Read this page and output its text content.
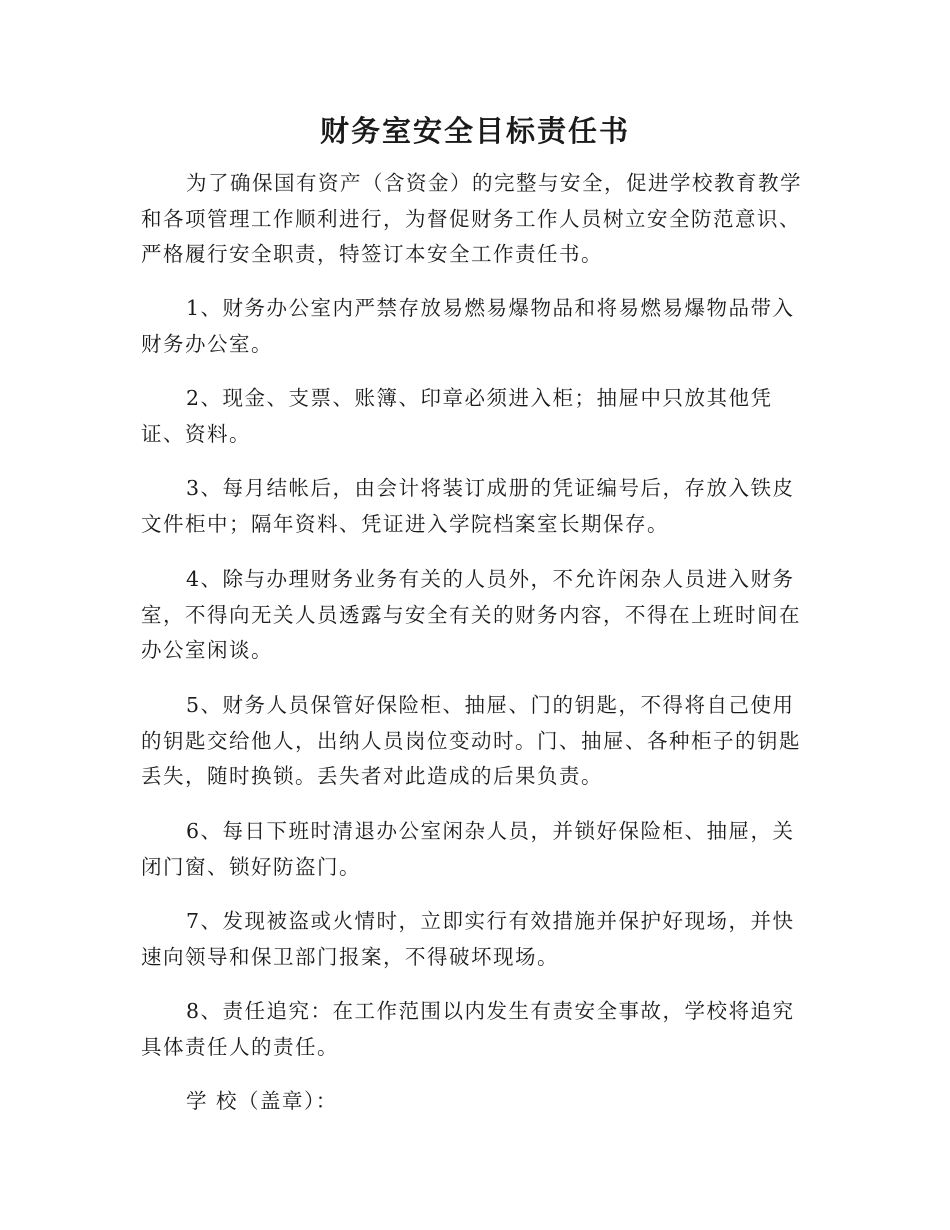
财务室安全目标责任书

为了确保国有资产（含资金）的完整与安全，促进学校教育教学和各项管理工作顺利进行，为督促财务工作人员树立安全防范意识、严格履行安全职责，特签订本安全工作责任书。

1、财务办公室内严禁存放易燃易爆物品和将易燃易爆物品带入财务办公室。

2、现金、支票、账簿、印章必须进入柜；抽屉中只放其他凭证、资料。

3、每月结帐后，由会计将装订成册的凭证编号后，存放入铁皮文件柜中；隔年资料、凭证进入学院档案室长期保存。

4、除与办理财务业务有关的人员外，不允许闲杂人员进入财务室，不得向无关人员透露与安全有关的财务内容，不得在上班时间在办公室闲谈。

5、财务人员保管好保险柜、抽屉、门的钥匙，不得将自己使用的钥匙交给他人，出纳人员岗位变动时。门、抽屉、各种柜子的钥匙丢失，随时换锁。丢失者对此造成的后果负责。

6、每日下班时清退办公室闲杂人员，并锁好保险柜、抽屉，关闭门窗、锁好防盗门。

7、发现被盗或火情时，立即实行有效措施并保护好现场，并快速向领导和保卫部门报案，不得破坏现场。

8、责任追究：在工作范围以内发生有责安全事故，学校将追究具体责任人的责任。

学 校（盖章）：
